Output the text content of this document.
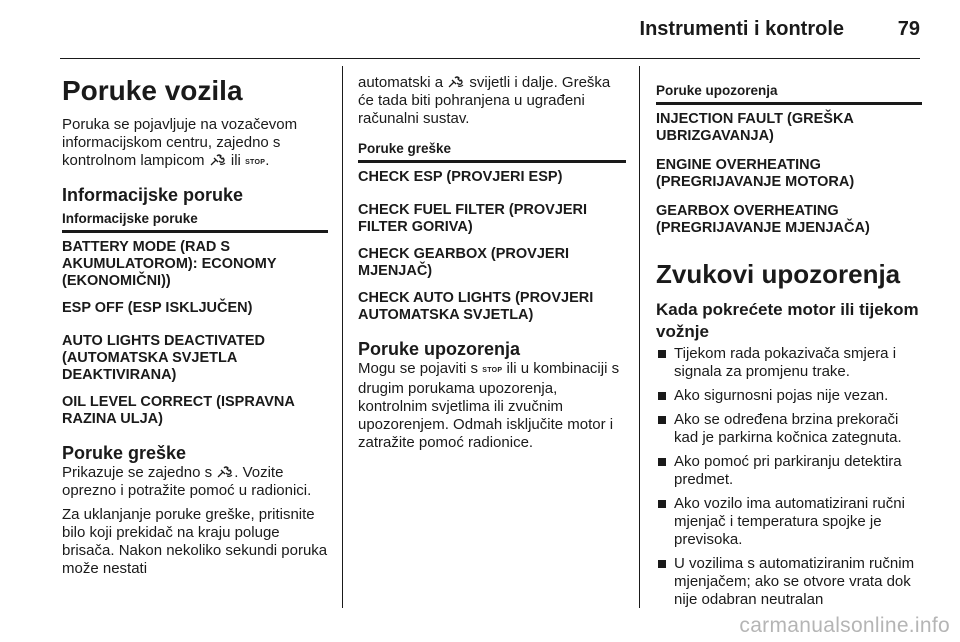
Instrumenti i kontrole	79
Poruke vozila
Poruka se pojavljuje na vozačevom informacijskom centru, zajedno s kontrolnom lampicom  ili STOP.
Informacijske poruke
Informacijske poruke
BATTERY MODE (RAD S AKUMULATOROM): ECONOMY (EKONOMIČNI))
ESP OFF (ESP ISKLJUČEN)
AUTO LIGHTS DEACTIVATED (AUTOMATSKA SVJETLA DEAKTIVIRANA)
OIL LEVEL CORRECT (ISPRAVNA RAZINA ULJA)
Poruke greške
Prikazuje se zajedno s . Vozite oprezno i potražite pomoć u radionici.
Za uklanjanje poruke greške, pritisnite bilo koji prekidač na kraju poluge brisača. Nakon nekoliko sekundi poruka može nestati
automatski a  svijetli i dalje. Greška će tada biti pohranjena u ugrađeni računalni sustav.
Poruke greške
CHECK ESP (PROVJERI ESP)
CHECK FUEL FILTER (PROVJERI FILTER GORIVA)
CHECK GEARBOX (PROVJERI MJENJAČ)
CHECK AUTO LIGHTS (PROVJERI AUTOMATSKA SVJETLA)
Poruke upozorenja
Mogu se pojaviti s STOP ili u kombinaciji s drugim porukama upozorenja, kontrolnim svjetlima ili zvučnim upozorenjem. Odmah isključite motor i zatražite pomoć radionice.
Poruke upozorenja
INJECTION FAULT (GREŠKA UBRIZGAVANJA)
ENGINE OVERHEATING (PREGRIJAVANJE MOTORA)
GEARBOX OVERHEATING (PREGRIJAVANJE MJENJAČA)
Zvukovi upozorenja
Kada pokrećete motor ili tijekom vožnje
Tijekom rada pokazivača smjera i signala za promjenu trake.
Ako sigurnosni pojas nije vezan.
Ako se određena brzina prekorači kad je parkirna kočnica zategnuta.
Ako pomoć pri parkiranju detektira predmet.
Ako vozilo ima automatizirani ručni mjenjač i temperatura spojke je previsoka.
U vozilima s automatiziranim ručnim mjenjačem; ako se otvore vrata dok nije odabran neutralan
carmanualsonline.info
